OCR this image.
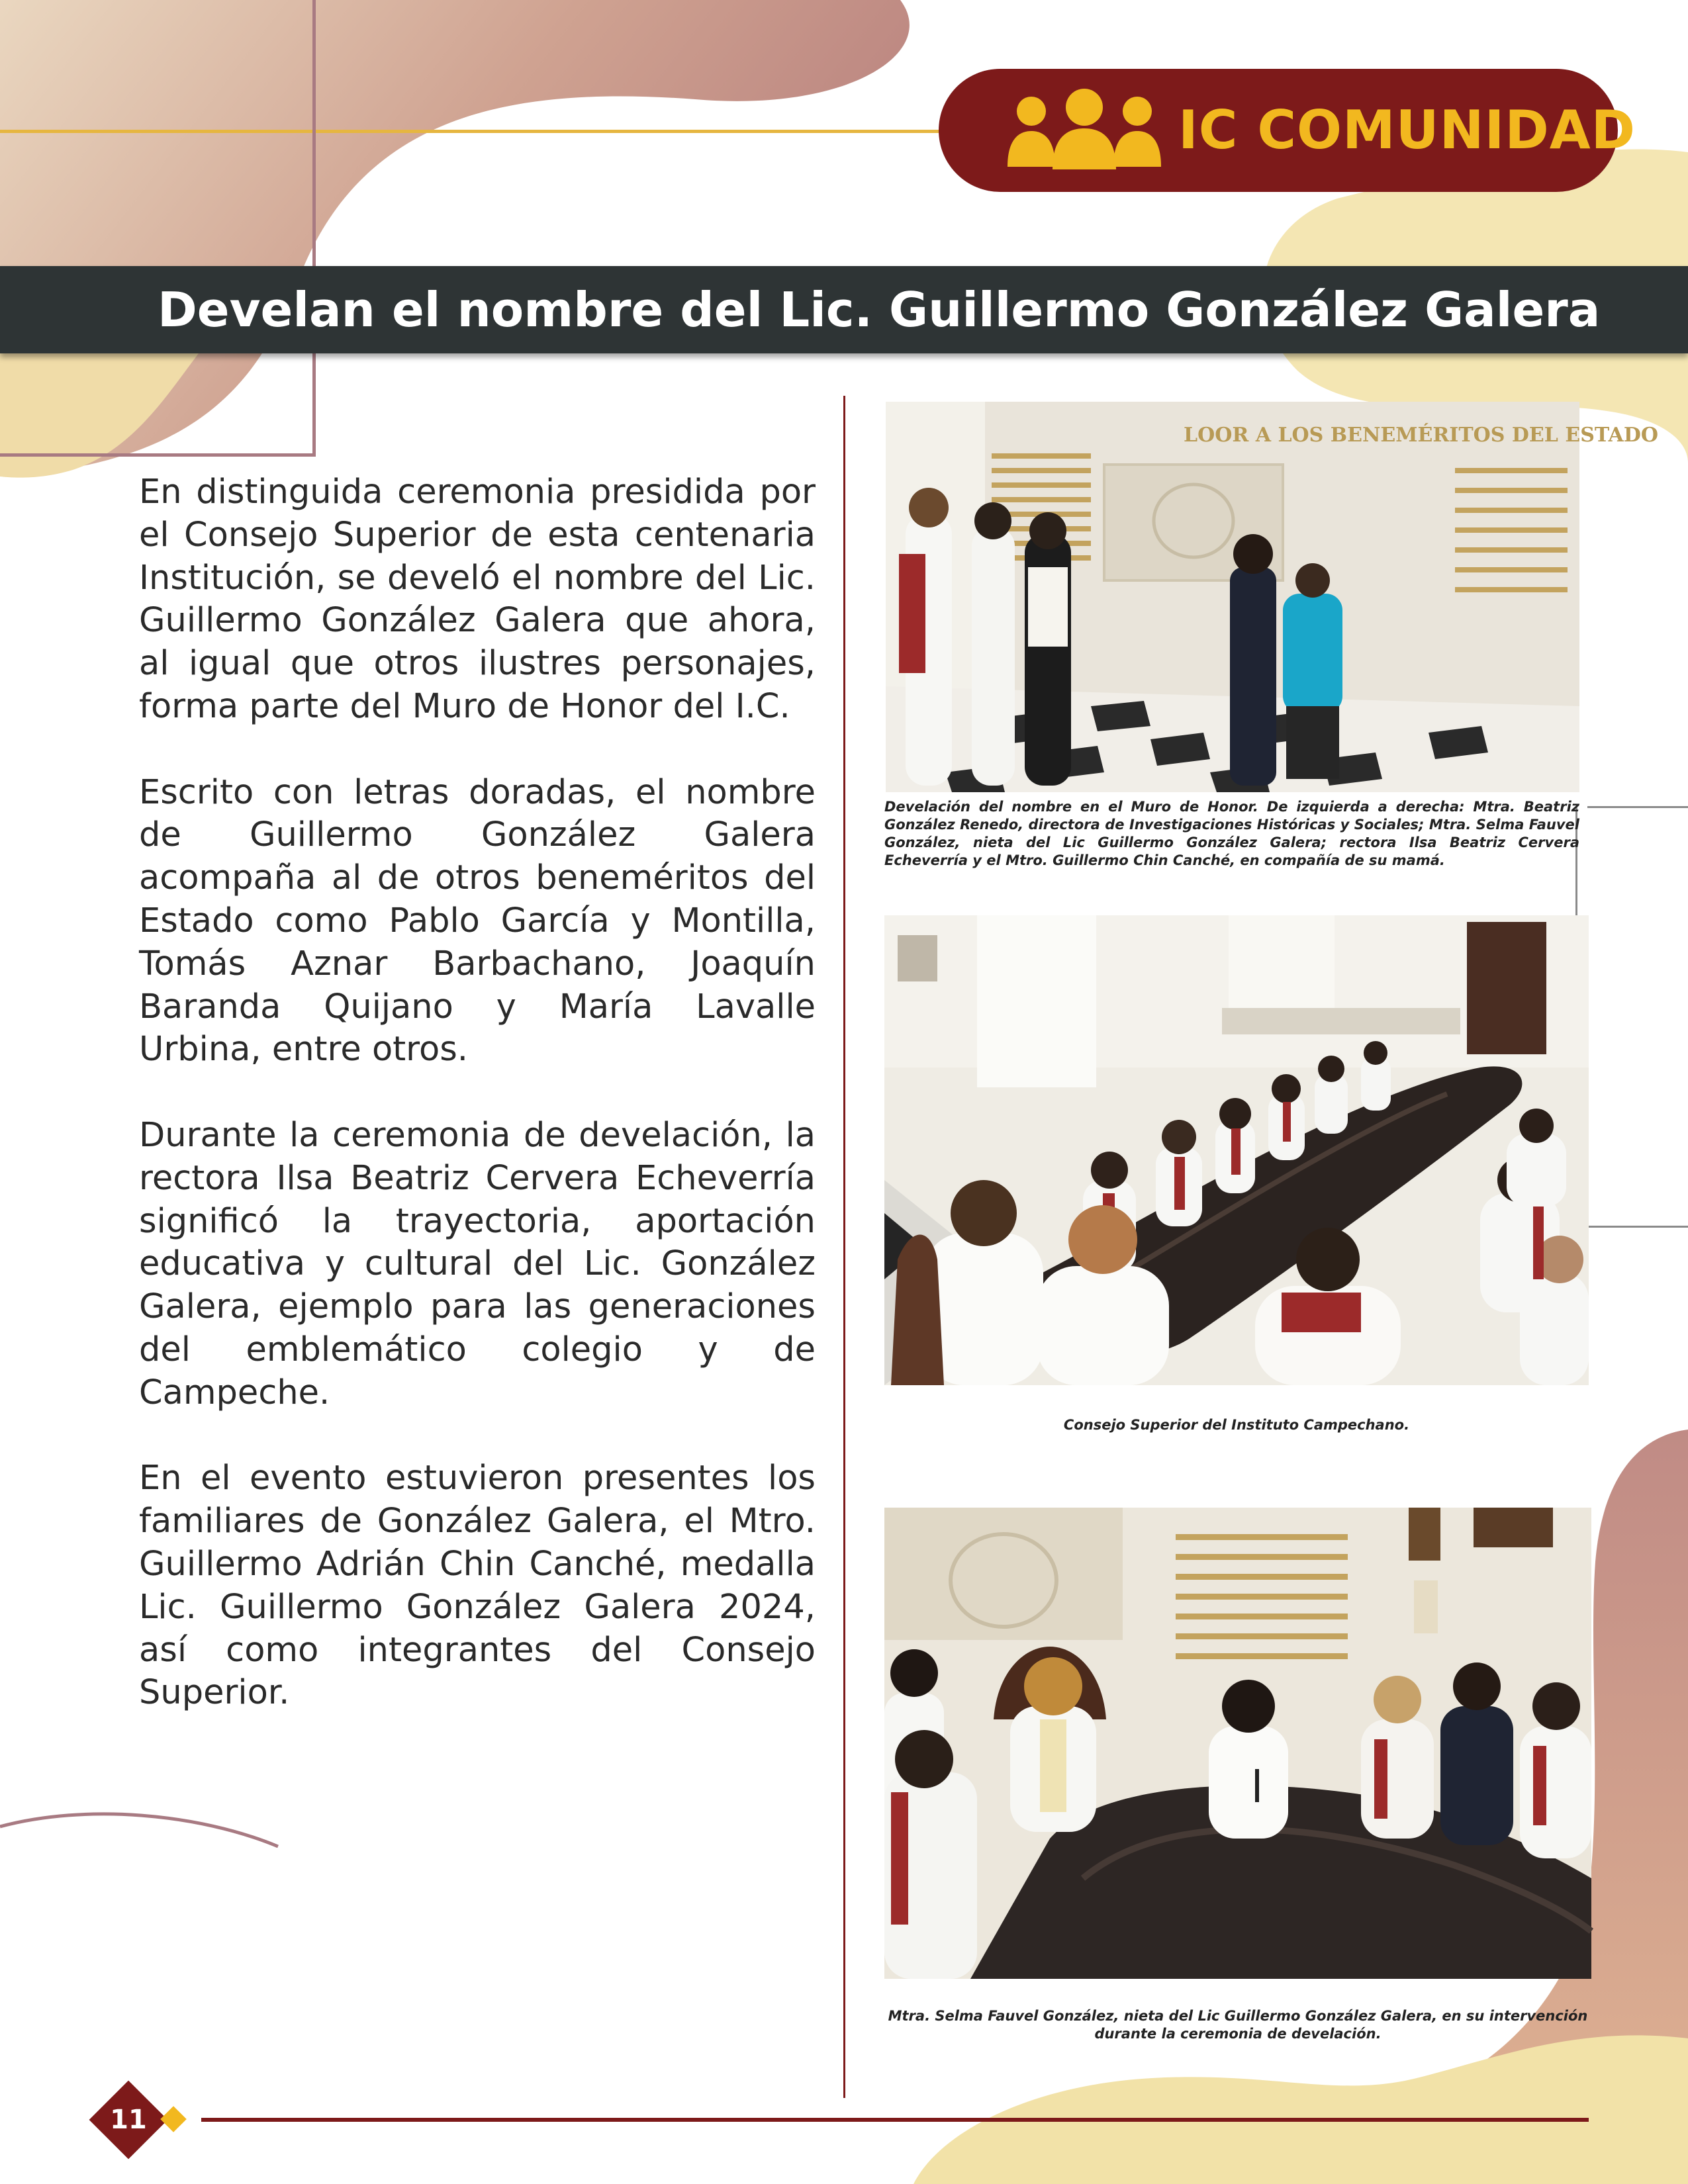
IC COMUNIDAD
Develan el nombre del Lic. Guillermo González Galera

En distinguida ceremonia presidida por el Consejo Superior de esta centenaria Institución, se develó el nombre del Lic. Guillermo González Galera que ahora, al igual que otros ilustres personajes, forma parte del Muro de Honor del I.C.

Escrito con letras doradas, el nombre de Guillermo González Galera acompaña al de otros beneméritos del Estado como Pablo García y Montilla, Tomás Aznar Barbachano, Joaquín Baranda Quijano y María Lavalle Urbina, entre otros.

Durante la ceremonia de develación, la rectora Ilsa Beatriz Cervera Echeverría significó la trayectoria, aportación educativa y cultural del Lic. González Galera, ejemplo para las generaciones del emblemático colegio y de Campeche.

En el evento estuvieron presentes los familiares de González Galera, el Mtro. Guillermo Adrián Chin Canché, medalla Lic. Guillermo González Galera 2024, así como integrantes del Consejo Superior.

LOOR A LOS BENEMÉRITOS DEL ESTADO
Develación del nombre en el Muro de Honor. De izquierda a derecha: Mtra. Beatriz González Renedo, directora de Investigaciones Históricas y Sociales; Mtra. Selma Fauvel González, nieta del Lic Guillermo González Galera; rectora Ilsa Beatriz Cervera Echeverría y el Mtro. Guillermo Chin Canché, en compañía de su mamá.
Consejo Superior del Instituto Campechano.
Mtra. Selma Fauvel González, nieta del Lic Guillermo González Galera, en su intervención durante la ceremonia de develación.
11
